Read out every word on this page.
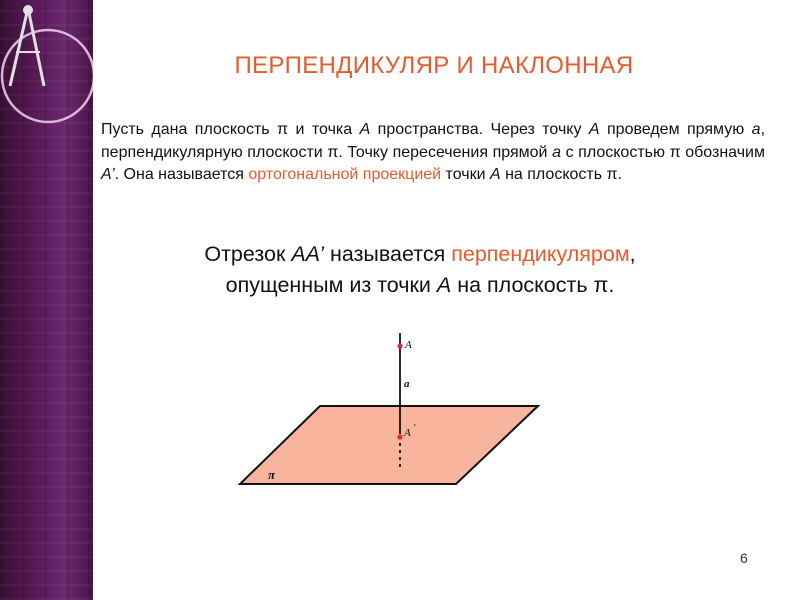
ПЕРПЕНДИКУЛЯР И НАКЛОННАЯ
Пусть дана плоскость π и точка A пространства. Через точку A проведем прямую a, перпендикулярную плоскости π. Точку пересечения прямой a с плоскостью π обозначим A’. Она называется ортогональной проекцией точки A на плоскость π.
Отрезок AA’ называется перпендикуляром,
опущенным из точки A на плоскость π.
A
a
A '
π
6
